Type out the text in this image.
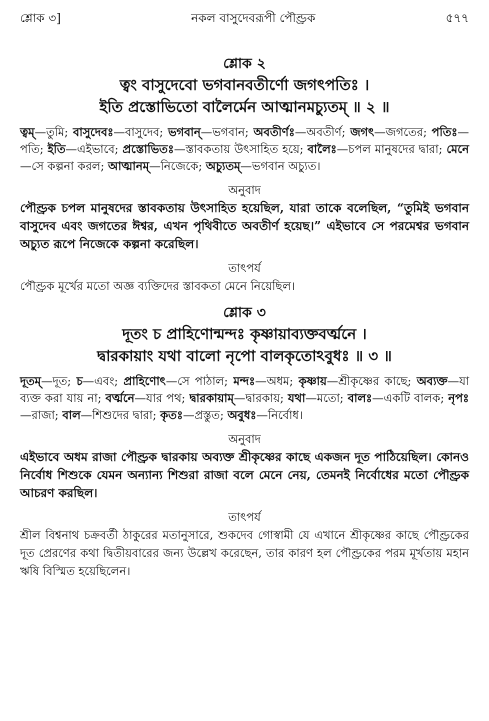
শ্লোক ৩]	নকল বাসুদেবরূপী পৌণ্ড্রক	৫৭৭
শ্লোক ২
ত্বং বাসুদেবো ভগবানবতীর্ণো জগৎপতিঃ ।
ইতি প্রস্তোভিতো বালৈর্মেন আত্মানমচ্যুতম্ ॥ ২ ॥
ত্বম্—তুমি; বাসুদেবঃ—বাসুদেব; ভগবান্—ভগবান; অবতীর্ণঃ—অবতীর্ণ; জগৎ—জগতের; পতিঃ—পতি; ইতি—এইভাবে; প্রস্তোভিতঃ—স্তাবকতায় উৎসাহিত হয়ে; বালৈঃ—চপল মানুষদের দ্বারা; মেনে—সে কল্পনা করল; আত্মানম্—নিজেকে; অচ্যুতম্—ভগবান অচ্যুত।
অনুবাদ
পৌণ্ড্রক চপল মানুষদের স্তাবকতায় উৎসাহিত হয়েছিল, যারা তাকে বলেছিল, “তুমিই ভগবান বাসুদেব এবং জগতের ঈশ্বর, এখন পৃথিবীতে অবতীর্ণ হয়েছ।” এইভাবে সে পরমেশ্বর ভগবান অচ্যুত রূপে নিজেকে কল্পনা করেছিল।
তাৎপর্য
পৌণ্ড্রক মূর্খের মতো অজ্ঞ ব্যক্তিদের স্তাবকতা মেনে নিয়েছিল।
শ্লোক ৩
দূতং চ প্রাহিণোন্মন্দঃ কৃষ্ণায়াব্যক্তবর্ত্মনে ।
দ্বারকায়াং যথা বালো নৃপো বালকৃতোঽবুধঃ ॥ ৩ ॥
দূতম্—দূত; চ—এবং; প্রাহিণোৎ—সে পাঠাল; মন্দঃ—অধম; কৃষ্ণায়—শ্রীকৃষ্ণের কাছে; অব্যক্ত—যা ব্যক্ত করা যায় না; বর্ত্মনে—যার পথ; দ্বারকায়াম্—দ্বারকায়; যথা—মতো; বালঃ—একটি বালক; নৃপঃ—রাজা; বাল—শিশুদের দ্বারা; কৃতঃ—প্রস্তুত; অবুধঃ—নির্বোধ।
অনুবাদ
এইভাবে অধম রাজা পৌণ্ড্রক দ্বারকায় অব্যক্ত শ্রীকৃষ্ণের কাছে একজন দূত পাঠিয়েছিল। কোনও নির্বোধ শিশুকে যেমন অন্যান্য শিশুরা রাজা বলে মেনে নেয়, তেমনই নির্বোধের মতো পৌণ্ড্রক আচরণ করছিল।
তাৎপর্য
শ্রীল বিশ্বনাথ চক্রবর্তী ঠাকুরের মতানুসারে, শুকদেব গোস্বামী যে এখানে শ্রীকৃষ্ণের কাছে পৌণ্ড্রকের দূত প্রেরণের কথা দ্বিতীয়বারের জন্য উল্লেখ করেছেন, তার কারণ হল পৌণ্ড্রকের পরম মূর্খতায় মহান ঋষি বিস্মিত হয়েছিলেন।
